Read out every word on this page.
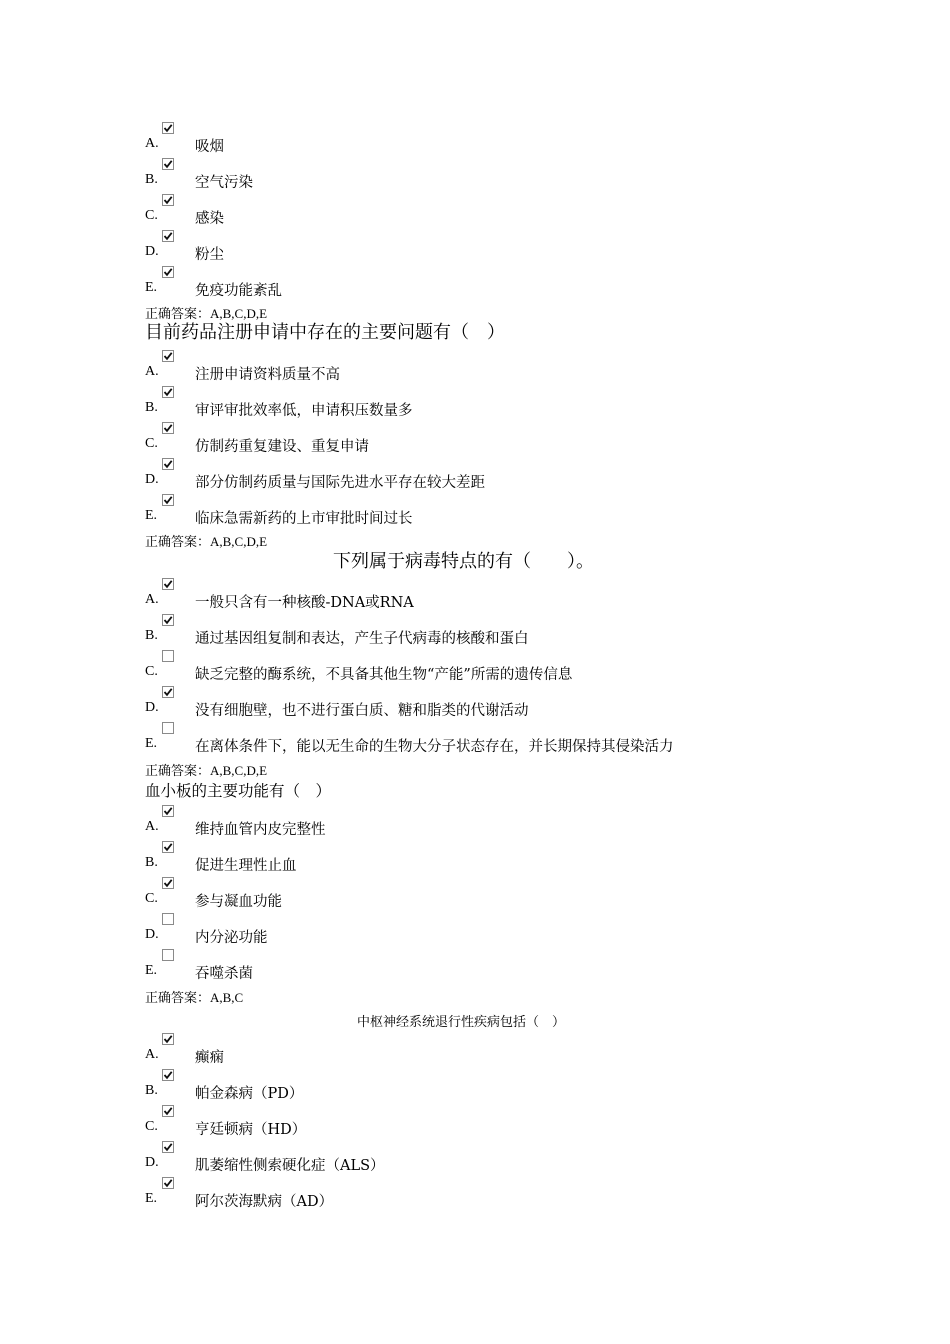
A.	吸烟
B.	空气污染
C.	感染
D.	粉尘
E.	免疫功能紊乱
正确答案：A,B,C,D,E
目前药品注册申请中存在的主要问题有（　）
A.	注册申请资料质量不高
B.	审评审批效率低，申请积压数量多
C.	仿制药重复建设、重复申请
D.	部分仿制药质量与国际先进水平存在较大差距
E.	临床急需新药的上市审批时间过长
正确答案：A,B,C,D,E
下列属于病毒特点的有（　　）。
A.	一般只含有一种核酸-DNA或RNA
B.	通过基因组复制和表达，产生子代病毒的核酸和蛋白
C.	缺乏完整的酶系统，不具备其他生物“产能”所需的遗传信息
D.	没有细胞壁，也不进行蛋白质、糖和脂类的代谢活动
E.	在离体条件下，能以无生命的生物大分子状态存在，并长期保持其侵染活力
正确答案：A,B,C,D,E
血小板的主要功能有（　）
A.	维持血管内皮完整性
B.	促进生理性止血
C.	参与凝血功能
D.	内分泌功能
E.	吞噬杀菌
正确答案：A,B,C
中枢神经系统退行性疾病包括（　）
A.	癫痫
B.	帕金森病（PD）
C.	亨廷顿病（HD）
D.	肌萎缩性侧索硬化症（ALS）
E.	阿尔茨海默病（AD）
